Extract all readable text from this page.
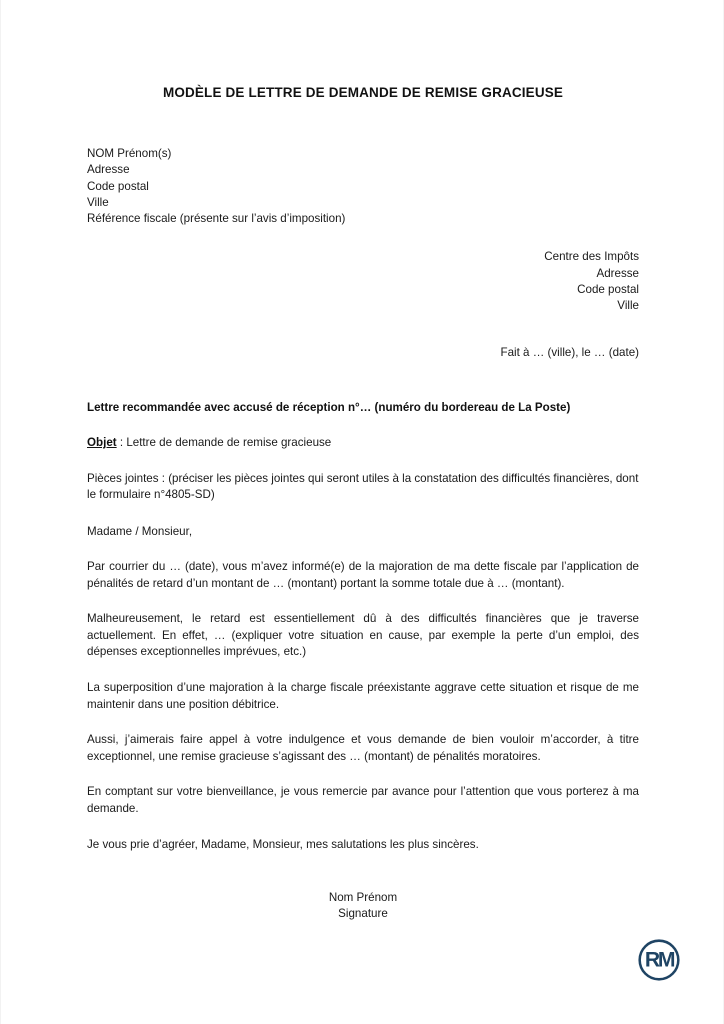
MODÈLE DE LETTRE DE DEMANDE DE REMISE GRACIEUSE
NOM Prénom(s)
Adresse
Code postal
Ville
Référence fiscale (présente sur l’avis d’imposition)
Centre des Impôts
Adresse
Code postal
Ville
Fait à … (ville), le … (date)
Lettre recommandée avec accusé de réception n°… (numéro du bordereau de La Poste)
Objet : Lettre de demande de remise gracieuse
Pièces jointes : (préciser les pièces jointes qui seront utiles à la constatation des difficultés financières, dont le formulaire n°4805-SD)
Madame / Monsieur,
Par courrier du … (date), vous m’avez informé(e) de la majoration de ma dette fiscale par l’application de pénalités de retard d’un montant de … (montant) portant la somme totale due à … (montant).
Malheureusement, le retard est essentiellement dû à des difficultés financières que je traverse actuellement. En effet, … (expliquer votre situation en cause, par exemple la perte d’un emploi, des dépenses exceptionnelles imprévues, etc.)
La superposition d’une majoration à la charge fiscale préexistante aggrave cette situation et risque de me maintenir dans une position débitrice.
Aussi, j’aimerais faire appel à votre indulgence et vous demande de bien vouloir m’accorder, à titre exceptionnel, une remise gracieuse s’agissant des … (montant) de pénalités moratoires.
En comptant sur votre bienveillance, je vous remercie par avance pour l’attention que vous porterez à ma demande.
Je vous prie d’agréer, Madame, Monsieur, mes salutations les plus sincères.
Nom Prénom
Signature
RM
